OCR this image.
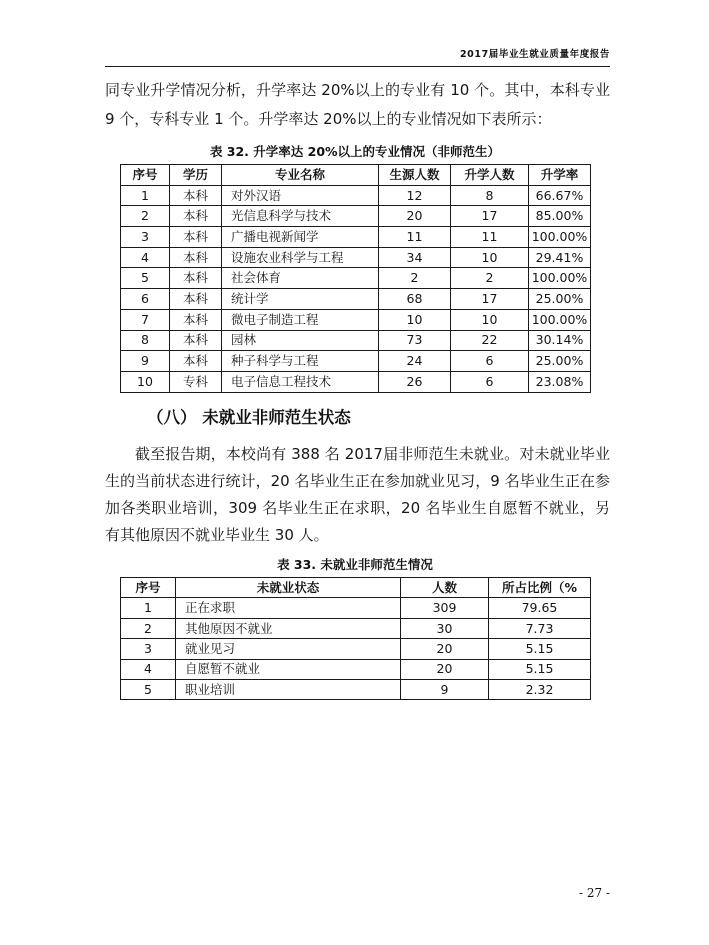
2017届毕业生就业质量年度报告

同专业升学情况分析，升学率达 20%以上的专业有 10 个。其中，本科专业 9 个，专科专业 1 个。升学率达 20%以上的专业情况如下表所示：

表 32. 升学率达 20%以上的专业情况（非师范生）
序号	学历	专业名称	生源人数	升学人数	升学率
1	本科	对外汉语	12	8	66.67%
2	本科	光信息科学与技术	20	17	85.00%
3	本科	广播电视新闻学	11	11	100.00%
4	本科	设施农业科学与工程	34	10	29.41%
5	本科	社会体育	2	2	100.00%
6	本科	统计学	68	17	25.00%
7	本科	微电子制造工程	10	10	100.00%
8	本科	园林	73	22	30.14%
9	本科	种子科学与工程	24	6	25.00%
10	专科	电子信息工程技术	26	6	23.08%
（八） 未就业非师范生状态

截至报告期，本校尚有 388 名 2017届非师范生未就业。对未就业毕业生的当前状态进行统计，20 名毕业生正在参加就业见习，9 名毕业生正在参加各类职业培训，309 名毕业生正在求职，20 名毕业生自愿暂不就业，另有其他原因不就业毕业生 30 人。

表 33. 未就业非师范生情况
序号	未就业状态	人数	所占比例（%
1	正在求职	309	79.65
2	其他原因不就业	30	7.73
3	就业见习	20	5.15
4	自愿暂不就业	20	5.15
5	职业培训	9	2.32
- 27 -
